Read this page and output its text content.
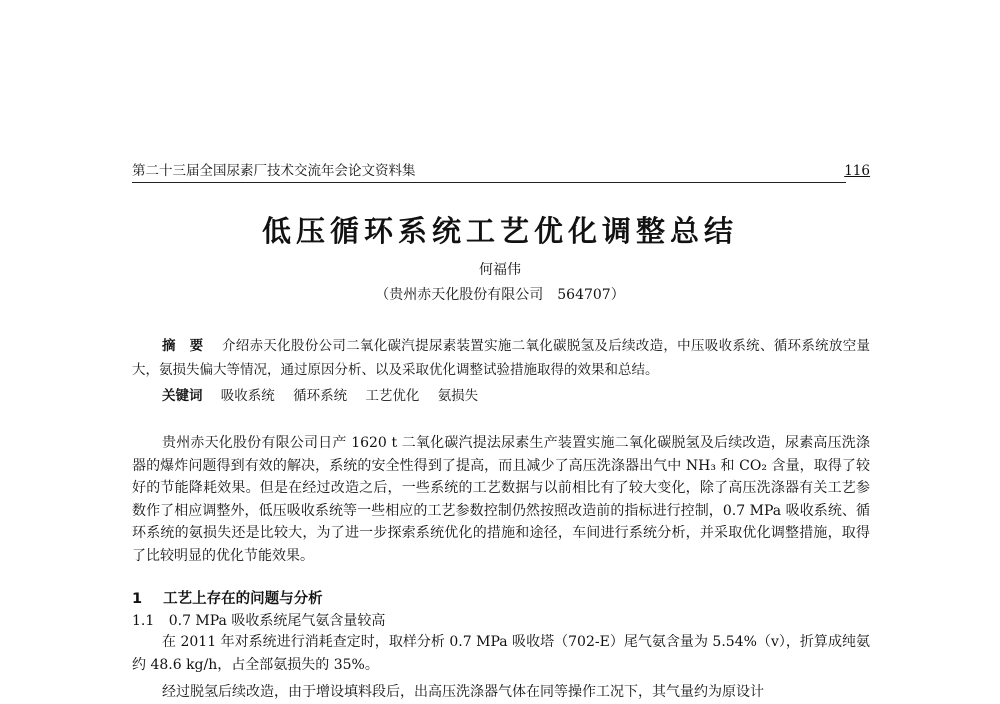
第二十三届全国尿素厂技术交流年会论文资料集	116
低压循环系统工艺优化调整总结
何福伟
（贵州赤天化股份有限公司　564707）
摘　要 介绍赤天化股份公司二氧化碳汽提尿素装置实施二氧化碳脱氢及后续改造，中压吸收系统、循环系统放空量大，氨损失偏大等情况，通过原因分析、以及采取优化调整试验措施取得的效果和总结。
关键词 吸收系统 循环系统 工艺优化 氨损失

贵州赤天化股份有限公司日产 1620 t 二氧化碳汽提法尿素生产装置实施二氧化碳脱氢及后续改造，尿素高压洗涤器的爆炸问题得到有效的解决，系统的安全性得到了提高，而且减少了高压洗涤器出气中 NH₃ 和 CO₂ 含量，取得了较好的节能降耗效果。但是在经过改造之后，一些系统的工艺数据与以前相比有了较大变化，除了高压洗涤器有关工艺参数作了相应调整外，低压吸收系统等一些相应的工艺参数控制仍然按照改造前的指标进行控制，0.7 MPa 吸收系统、循环系统的氨损失还是比较大，为了进一步探索系统优化的措施和途径，车间进行系统分析，并采取优化调整措施，取得了比较明显的优化节能效果。

1 工艺上存在的问题与分析
1.1 0.7 MPa 吸收系统尾气氨含量较高

在 2011 年对系统进行消耗查定时，取样分析 0.7 MPa 吸收塔（702-E）尾气氨含量为 5.54%（v），折算成纯氨约 48.6 kg/h，占全部氨损失的 35%。

经过脱氢后续改造，由于增设填料段后，出高压洗涤器气体在同等操作工况下，其气量约为原设计
